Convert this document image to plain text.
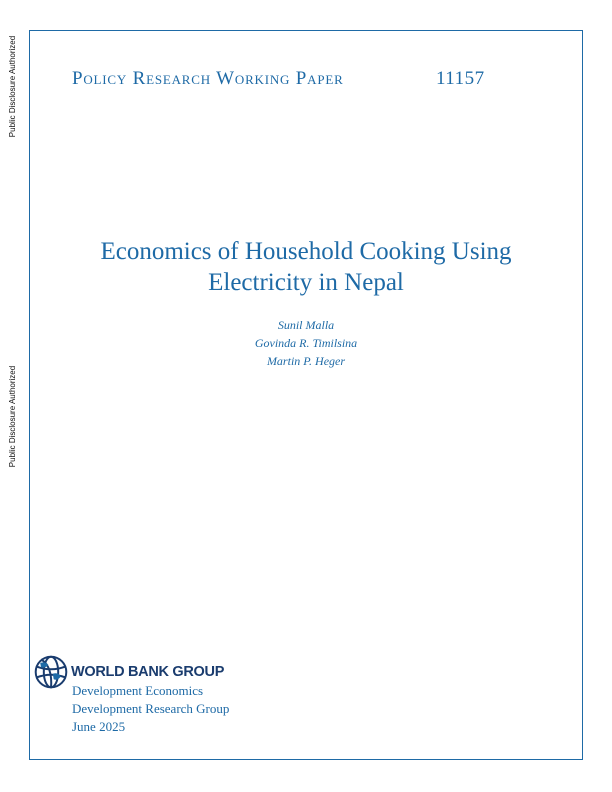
Public Disclosure Authorized
Public Disclosure Authorized
Policy Research Working Paper	11157
Economics of Household Cooking Using
Electricity in Nepal
Sunil Malla
Govinda R. Timilsina
Martin P. Heger
WORLD BANK GROUP
Development Economics
Development Research Group
June 2025
